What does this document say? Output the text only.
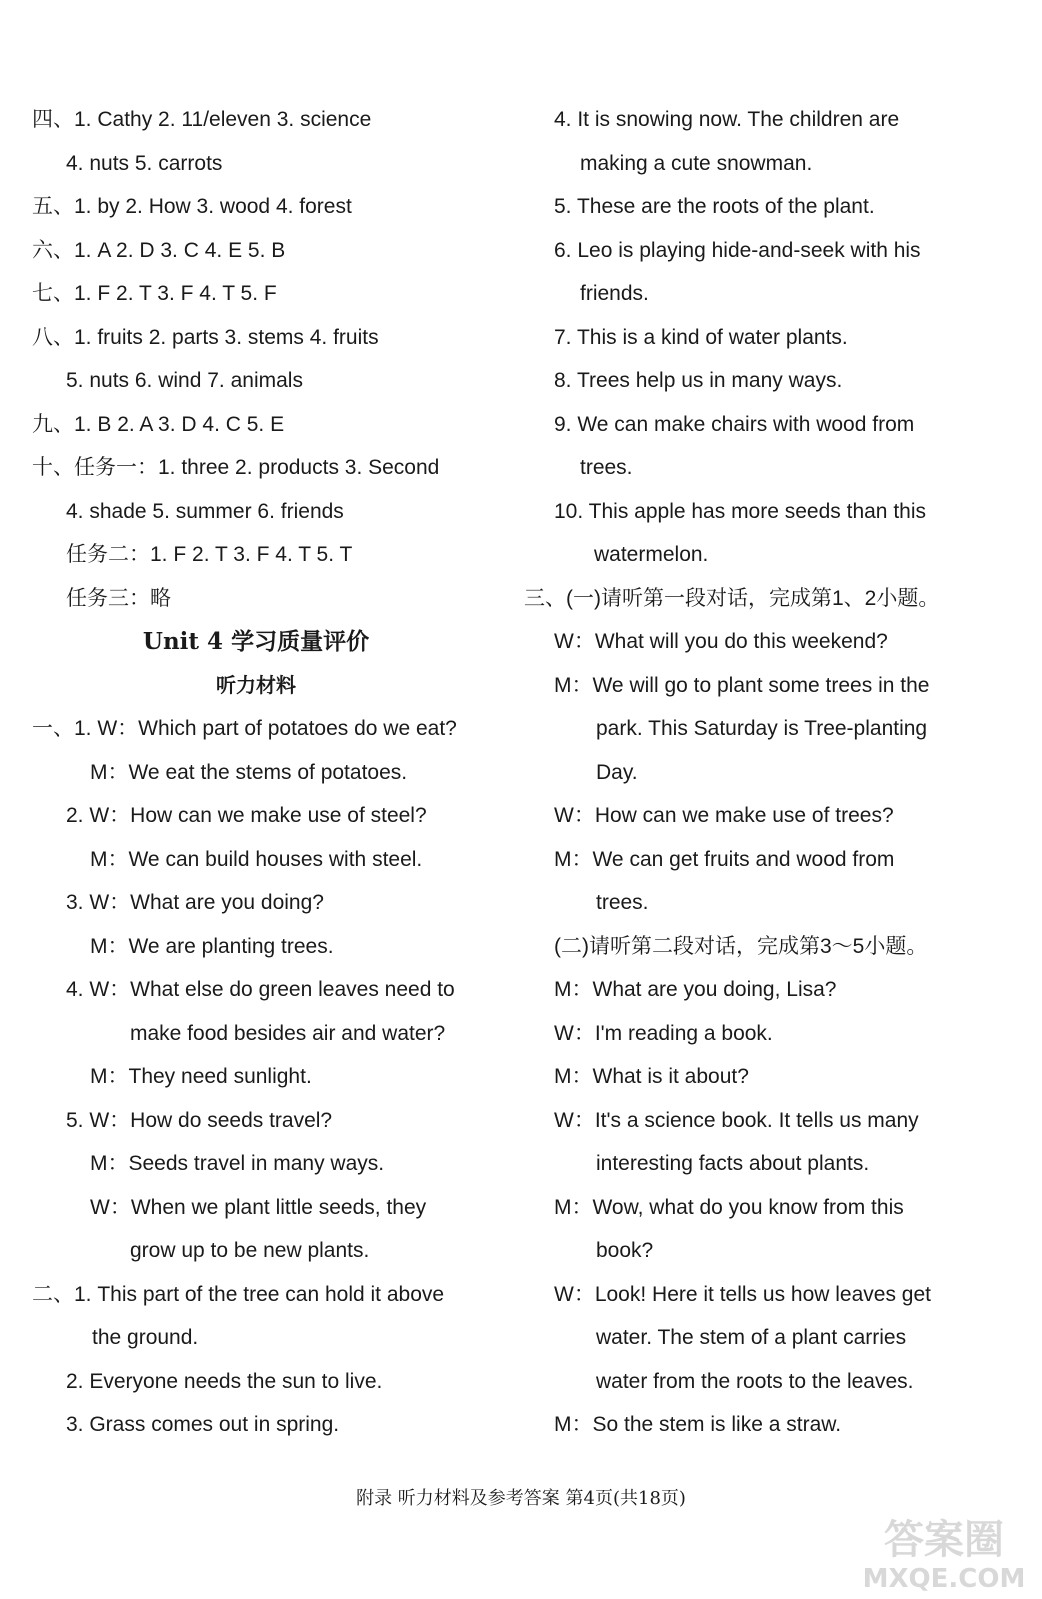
四、1. Cathy 2. 11/eleven 3. science
4. nuts 5. carrots
五、1. by 2. How 3. wood 4. forest
六、1. A 2. D 3. C 4. E 5. B
七、1. F 2. T 3. F 4. T 5. F
八、1. fruits 2. parts 3. stems 4. fruits
5. nuts 6. wind 7. animals
九、1. B 2. A 3. D 4. C 5. E
十、任务一：1. three 2. products 3. Second
4. shade 5. summer 6. friends
任务二：1. F 2. T 3. F 4. T 5. T
任务三：略
Unit 4 学习质量评价
听力材料
一、1. W：Which part of potatoes do we eat?
M：We eat the stems of potatoes.
2. W：How can we make use of steel?
M：We can build houses with steel.
3. W：What are you doing?
M：We are planting trees.
4. W：What else do green leaves need to
make food besides air and water?
M：They need sunlight.
5. W：How do seeds travel?
M：Seeds travel in many ways.
W：When we plant little seeds, they
grow up to be new plants.
二、1. This part of the tree can hold it above
the ground.
2. Everyone needs the sun to live.
3. Grass comes out in spring.
4. It is snowing now. The children are
making a cute snowman.
5. These are the roots of the plant.
6. Leo is playing hide-and-seek with his
friends.
7. This is a kind of water plants.
8. Trees help us in many ways.
9. We can make chairs with wood from
trees.
10. This apple has more seeds than this
watermelon.
三、(一)请听第一段对话，完成第1、2小题。
W：What will you do this weekend?
M：We will go to plant some trees in the
park. This Saturday is Tree-planting
Day.
W：How can we make use of trees?
M：We can get fruits and wood from
trees.
(二)请听第二段对话，完成第3～5小题。
M：What are you doing, Lisa?
W：I'm reading a book.
M：What is it about?
W：It's a science book. It tells us many
interesting facts about plants.
M：Wow, what do you know from this
book?
W：Look! Here it tells us how leaves get
water. The stem of a plant carries
water from the roots to the leaves.
M：So the stem is like a straw.
附录 听力材料及参考答案 第4页(共18页)
答案圈
MXQE.COM
